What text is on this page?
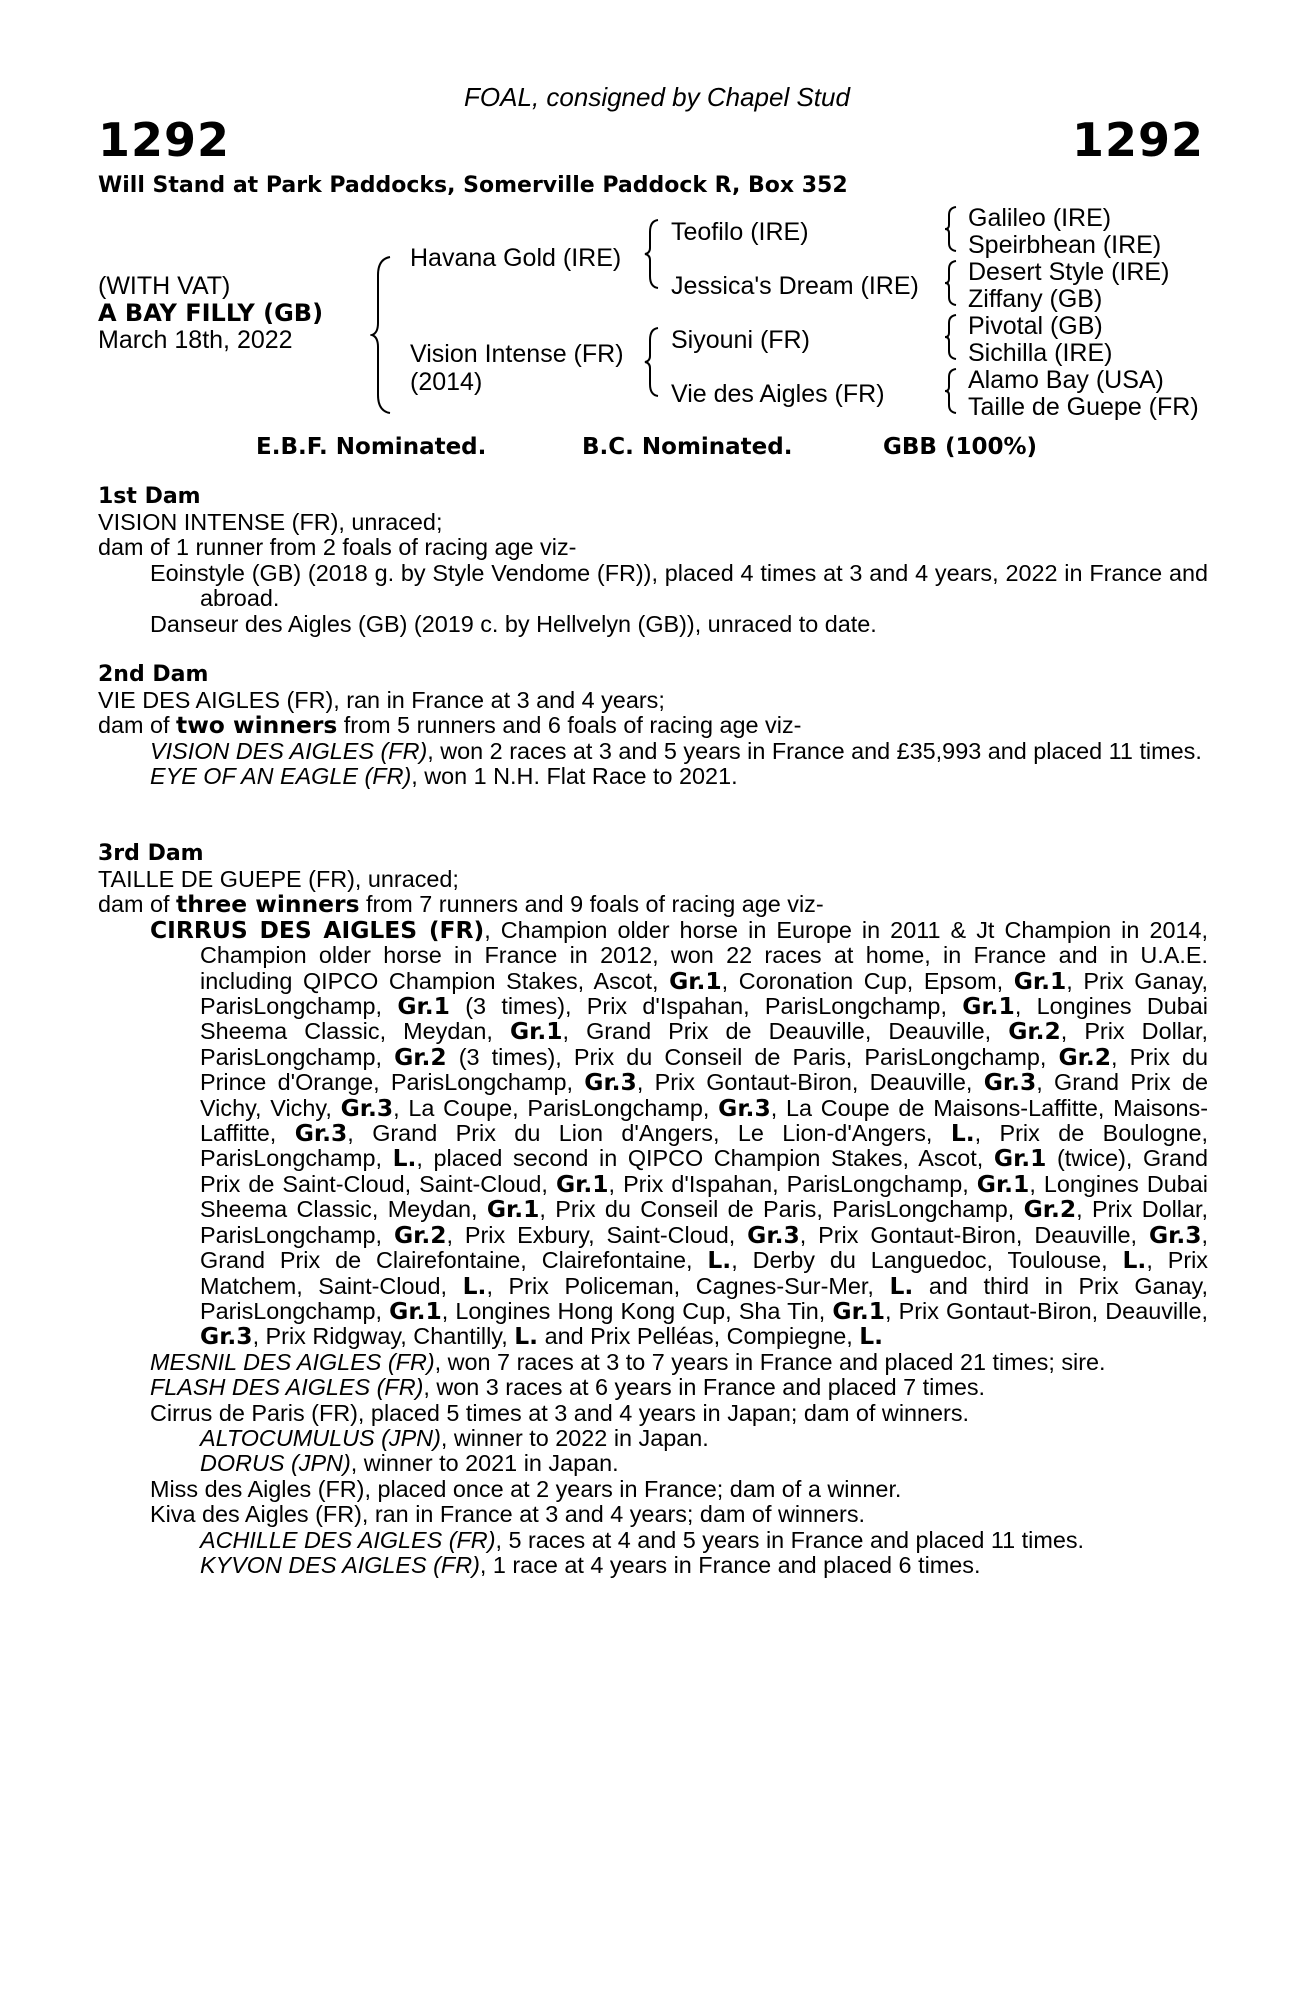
FOAL, consigned by Chapel Stud
1292	1292
Will Stand at Park Paddocks, Somerville Paddock R, Box 352
(WITH VAT)
A BAY FILLY (GB)
March 18th, 2022
Havana Gold (IRE)
Vision Intense (FR)
(2014)
Teofilo (IRE)
Jessica's Dream (IRE)
Siyouni (FR)
Vie des Aigles (FR)
Galileo (IRE)
Speirbhean (IRE)
Desert Style (IRE)
Ziffany (GB)
Pivotal (GB)
Sichilla (IRE)
Alamo Bay (USA)
Taille de Guepe (FR)
E.B.F. Nominated.	B.C. Nominated.	GBB (100%)
1st Dam

VISION INTENSE (FR), unraced;

dam of 1 runner from 2 foals of racing age viz-

Eoinstyle (GB) (2018 g. by Style Vendome (FR)), placed 4 times at 3 and 4 years, 2022 in France and abroad.

Danseur des Aigles (GB) (2019 c. by Hellvelyn (GB)), unraced to date.

2nd Dam

VIE DES AIGLES (FR), ran in France at 3 and 4 years;

dam of two winners from 5 runners and 6 foals of racing age viz-

VISION DES AIGLES (FR), won 2 races at 3 and 5 years in France and £35,993 and placed 11 times.

EYE OF AN EAGLE (FR), won 1 N.H. Flat Race to 2021.

3rd Dam

TAILLE DE GUEPE (FR), unraced;

dam of three winners from 7 runners and 9 foals of racing age viz-

CIRRUS DES AIGLES (FR), Champion older horse in Europe in 2011 & Jt Champion in 2014, Champion older horse in France in 2012, won 22 races at home, in France and in U.A.E. including QIPCO Champion Stakes, Ascot, Gr.1, Coronation Cup, Epsom, Gr.1, Prix Ganay, ParisLongchamp, Gr.1 (3 times), Prix d'Ispahan, ParisLongchamp, Gr.1, Longines Dubai Sheema Classic, Meydan, Gr.1, Grand Prix de Deauville, Deauville, Gr.2, Prix Dollar, ParisLongchamp, Gr.2 (3 times), Prix du Conseil de Paris, ParisLongchamp, Gr.2, Prix du Prince d'Orange, ParisLongchamp, Gr.3, Prix Gontaut-Biron, Deauville, Gr.3, Grand Prix de Vichy, Vichy, Gr.3, La Coupe, ParisLongchamp, Gr.3, La Coupe de Maisons-Laffitte, Maisons-Laffitte, Gr.3, Grand Prix du Lion d'Angers, Le Lion-d'Angers, L., Prix de Boulogne, ParisLongchamp, L., placed second in QIPCO Champion Stakes, Ascot, Gr.1 (twice), Grand Prix de Saint-Cloud, Saint-Cloud, Gr.1, Prix d'Ispahan, ParisLongchamp, Gr.1, Longines Dubai Sheema Classic, Meydan, Gr.1, Prix du Conseil de Paris, ParisLongchamp, Gr.2, Prix Dollar, ParisLongchamp, Gr.2, Prix Exbury, Saint-Cloud, Gr.3, Prix Gontaut-Biron, Deauville, Gr.3, Grand Prix de Clairefontaine, Clairefontaine, L., Derby du Languedoc, Toulouse, L., Prix Matchem, Saint-Cloud, L., Prix Policeman, Cagnes-Sur-Mer, L. and third in Prix Ganay, ParisLongchamp, Gr.1, Longines Hong Kong Cup, Sha Tin, Gr.1, Prix Gontaut-Biron, Deauville, Gr.3, Prix Ridgway, Chantilly, L. and Prix Pelléas, Compiegne, L.

MESNIL DES AIGLES (FR), won 7 races at 3 to 7 years in France and placed 21 times; sire.

FLASH DES AIGLES (FR), won 3 races at 6 years in France and placed 7 times.

Cirrus de Paris (FR), placed 5 times at 3 and 4 years in Japan; dam of winners.

ALTOCUMULUS (JPN), winner to 2022 in Japan.

DORUS (JPN), winner to 2021 in Japan.

Miss des Aigles (FR), placed once at 2 years in France; dam of a winner.

Kiva des Aigles (FR), ran in France at 3 and 4 years; dam of winners.

ACHILLE DES AIGLES (FR), 5 races at 4 and 5 years in France and placed 11 times.

KYVON DES AIGLES (FR), 1 race at 4 years in France and placed 6 times.
